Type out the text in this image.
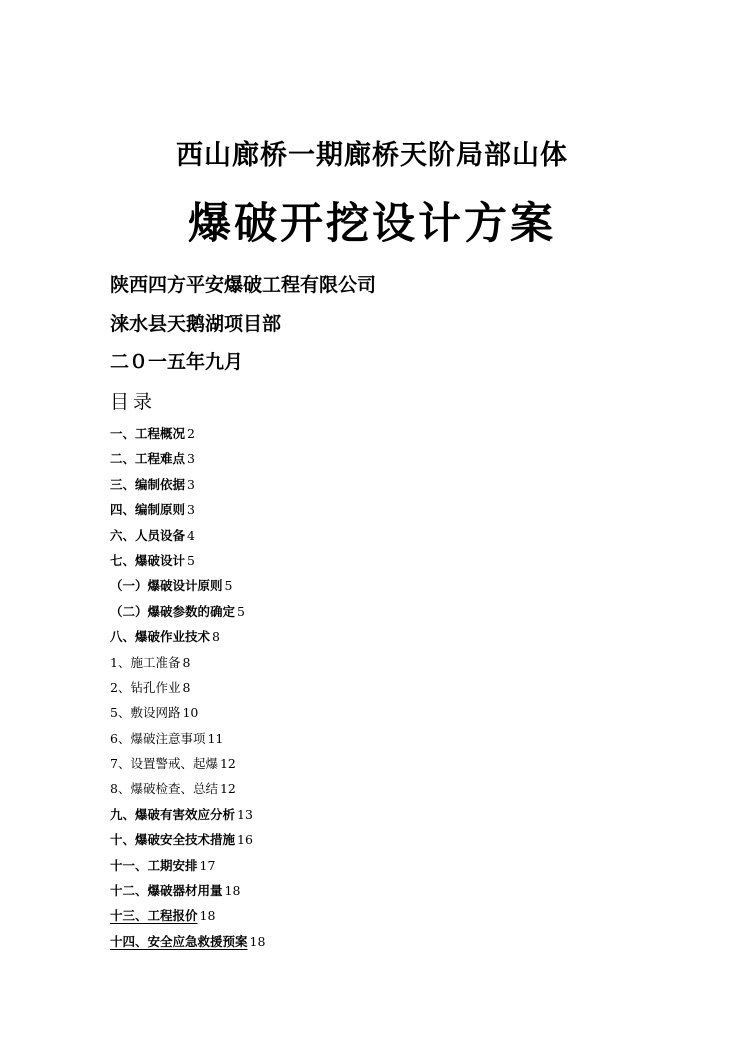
西山廊桥一期廊桥天阶局部山体
爆破开挖设计方案
陕西四方平安爆破工程有限公司
涞水县天鹅湖项目部
二０一五年九月
目录
一、工程概况 2
二、工程难点 3
三、编制依据 3
四、编制原则 3
六、人员设备 4
七、爆破设计 5
（一）爆破设计原则 5
（二）爆破参数的确定 5
八、爆破作业技术 8
1、施工准备 8
2、钻孔作业 8
5、敷设网路 10
6、爆破注意事项 11
7、设置警戒、起爆 12
8、爆破检查、总结 12
九、爆破有害效应分析 13
十、爆破安全技术措施 16
十一、工期安排 17
十二、爆破器材用量 18
十三、工程报价 18
十四、安全应急救援预案 18
